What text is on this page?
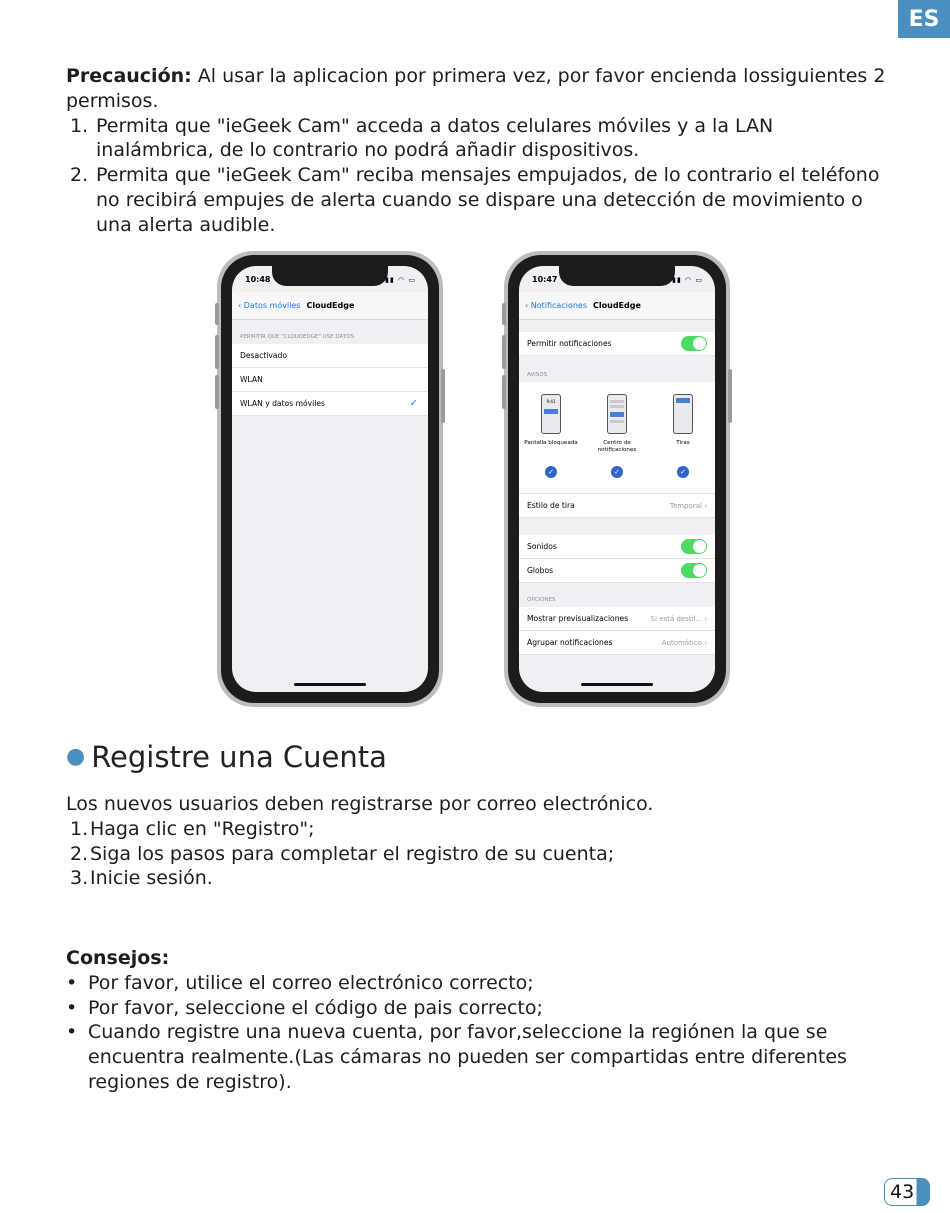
ES

Precaución: Al usar la aplicacion por primera vez, por favor encienda lossiguientes 2 permisos.

1. Permita que "ieGeek Cam" acceda a datos celulares móviles y a la LAN inalámbrica, de lo contrario no podrá añadir dispositivos.
2. Permita que "ieGeek Cam" reciba mensajes empujados, de lo contrario el teléfono no recibirá empujes de alerta cuando se dispare una detección de movimiento o una alerta audible.
10:48	▮▮ ◠ ▭
‹ Datos móviles CloudEdge
PERMITIR QUE "CLOUDEDGE" USE DATOS
Desactivado
WLAN
WLAN y datos móviles	✓
10:47	▮▮ ◠ ▭
‹ Notificaciones CloudEdge
Permitir notificaciones
AVISOS
9:41
Pantalla bloqueada	Centro de notificaciones
Tiras
✓	✓	✓
Estilo de tira	Temporal ›
Sonidos
Globos
OPCIONES
Mostrar previsualizaciones	Si está desbl... ›
Agrupar notificaciones	Automático ›
● Registre una Cuenta

Los nuevos usuarios deben registrarse por correo electrónico.

1. Haga clic en "Registro";
2. Siga los pasos para completar el registro de su cuenta;
3. Inicie sesión.

Consejos:

• Por favor, utilice el correo electrónico correcto;
• Por favor, seleccione el código de pais correcto;
• Cuando registre una nueva cuenta, por favor,seleccione la regiónen la que se encuentra realmente.(Las cámaras no pueden ser compartidas entre diferentes regiones de registro).
43
